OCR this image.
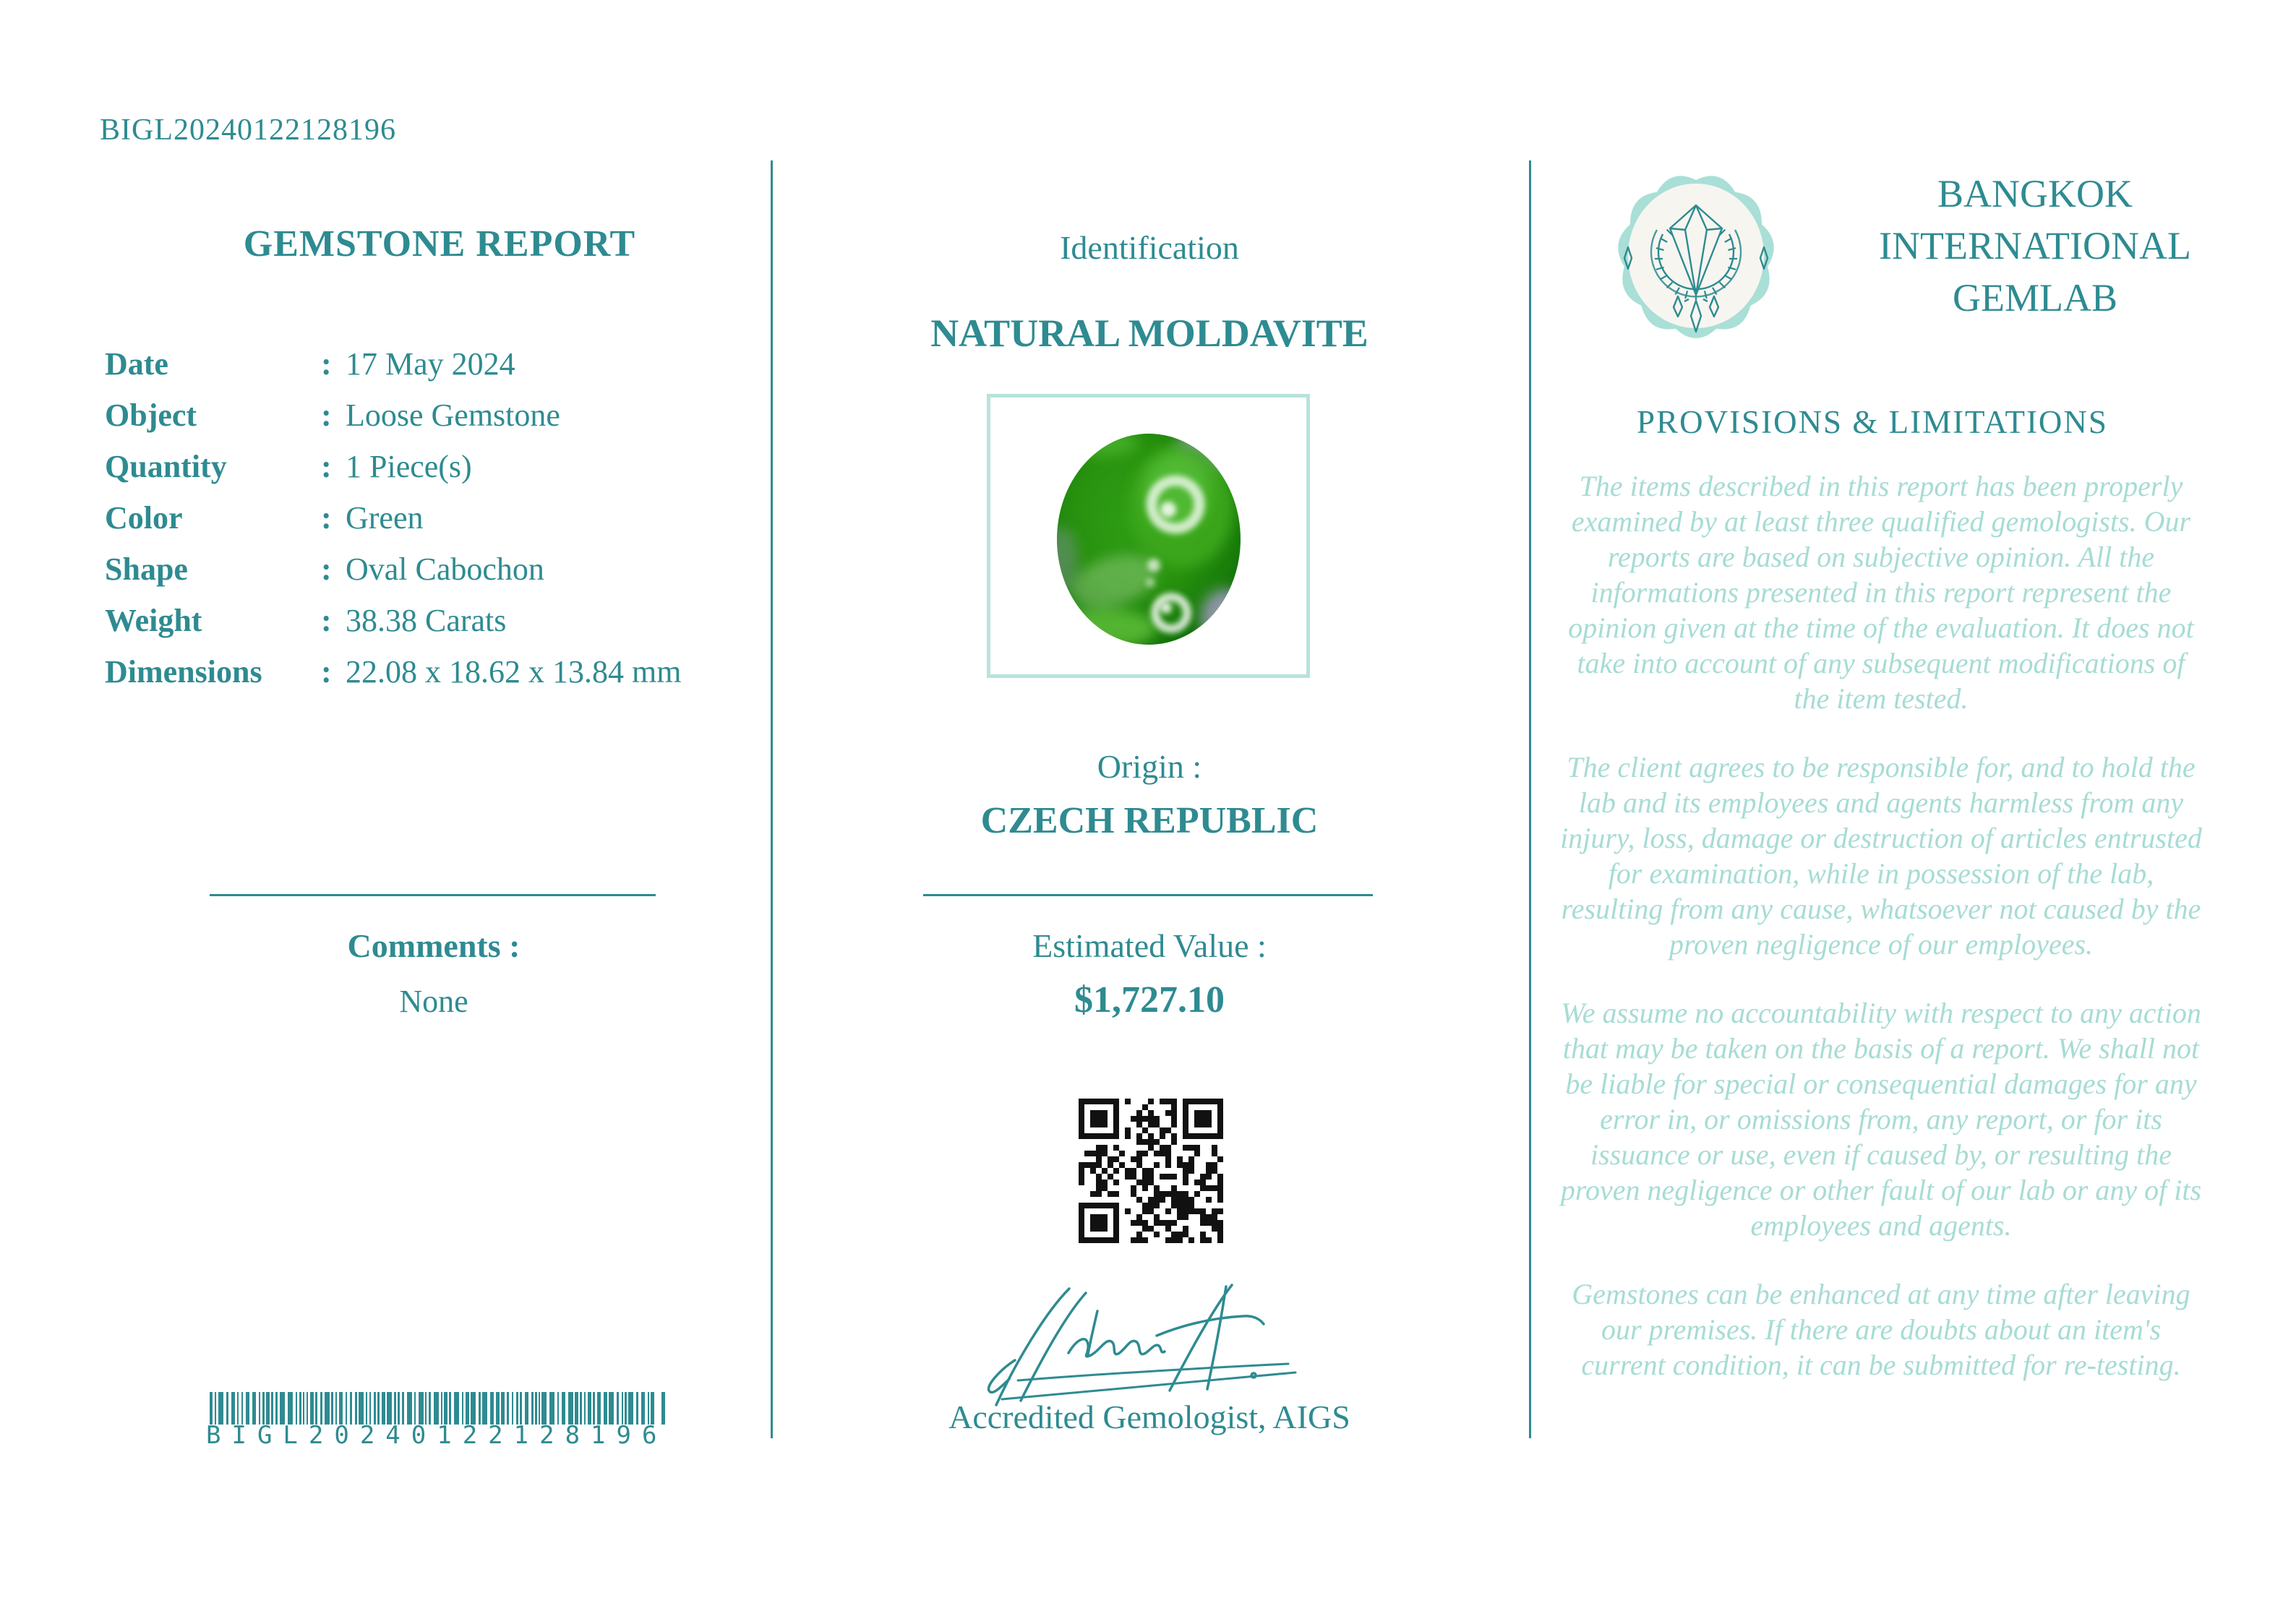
BIGL20240122128196
GEMSTONE REPORT
Date	: 17 May 2024
Object	: Loose Gemstone
Quantity	: 1 Piece(s)
Color	: Green
Shape	: Oval Cabochon
Weight	: 38.38 Carats
Dimensions	: 22.08 x 18.62 x 13.84 mm
Comments :
None
BIGL20240122128196
Identification
NATURAL MOLDAVITE
Origin :
CZECH REPUBLIC
Estimated Value :
$1,727.10
Accredited Gemologist, AIGS
BANGKOK
INTERNATIONAL
GEMLAB
PROVISIONS & LIMITATIONS

The items described in this report has been properly examined by at least three qualified gemologists. Our reports are based on subjective opinion. All the informations presented in this report represent the opinion given at the time of the evaluation. It does not take into account of any subsequent modifications of the item tested.

The client agrees to be responsible for, and to hold the lab and its employees and agents harmless from any injury, loss, damage or destruction of articles entrusted for examination, while in possession of the lab, resulting from any cause, whatsoever not caused by the proven negligence of our employees.

We assume no accountability with respect to any action that may be taken on the basis of a report. We shall not be liable for special or consequential damages for any error in, or omissions from, any report, or for its issuance or use, even if caused by, or resulting the proven negligence or other fault of our lab or any of its employees and agents.

Gemstones can be enhanced at any time after leaving our premises. If there are doubts about an item's current condition, it can be submitted for re-testing.
